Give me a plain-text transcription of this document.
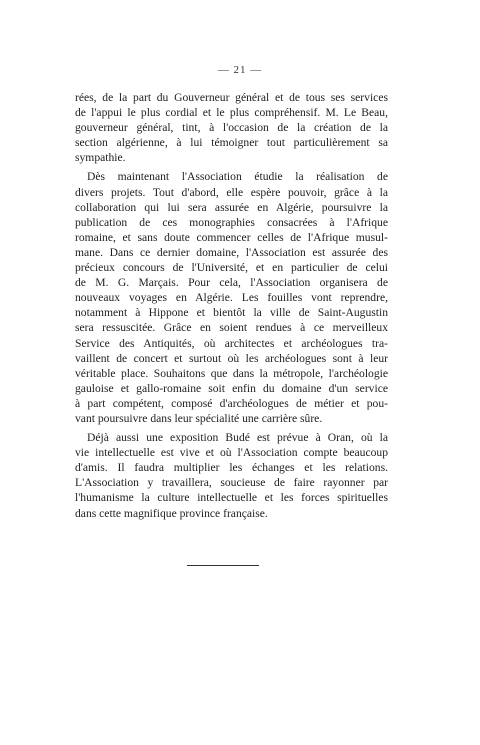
— 21 —
rées, de la part du Gouverneur général et de tous ses services
de l'appui le plus cordial et le plus compréhensif. M. Le Beau,
gouverneur général, tint, à l'occasion de la création de la
section algérienne, à lui témoigner tout particulièrement sa
sympathie.
Dès maintenant l'Association étudie la réalisation de
divers projets. Tout d'abord, elle espère pouvoir, grâce à la
collaboration qui lui sera assurée en Algérie, poursuivre la
publication de ces monographies consacrées à l'Afrique
romaine, et sans doute commencer celles de l'Afrique musul-
mane. Dans ce dernier domaine, l'Association est assurée des
précieux concours de l'Université, et en particulier de celui
de M. G. Marçais. Pour cela, l'Association organisera de
nouveaux voyages en Algérie. Les fouilles vont reprendre,
notamment à Hippone et bientôt la ville de Saint-Augustin
sera ressuscitée. Grâce en soient rendues à ce merveilleux
Service des Antiquités, où architectes et archéologues tra-
vaillent de concert et surtout où les archéologues sont à leur
véritable place. Souhaitons que dans la métropole, l'archéologie
gauloise et gallo-romaine soit enfin du domaine d'un service
à part compétent, composé d'archéologues de métier et pou-
vant poursuivre dans leur spécialité une carrière sûre.
Déjà aussi une exposition Budé est prévue à Oran, où la
vie intellectuelle est vive et où l'Association compte beaucoup
d'amis. Il faudra multiplier les échanges et les relations.
L'Association y travaillera, soucieuse de faire rayonner par
l'humanisme la culture intellectuelle et les forces spirituelles
dans cette magnifique province française.
